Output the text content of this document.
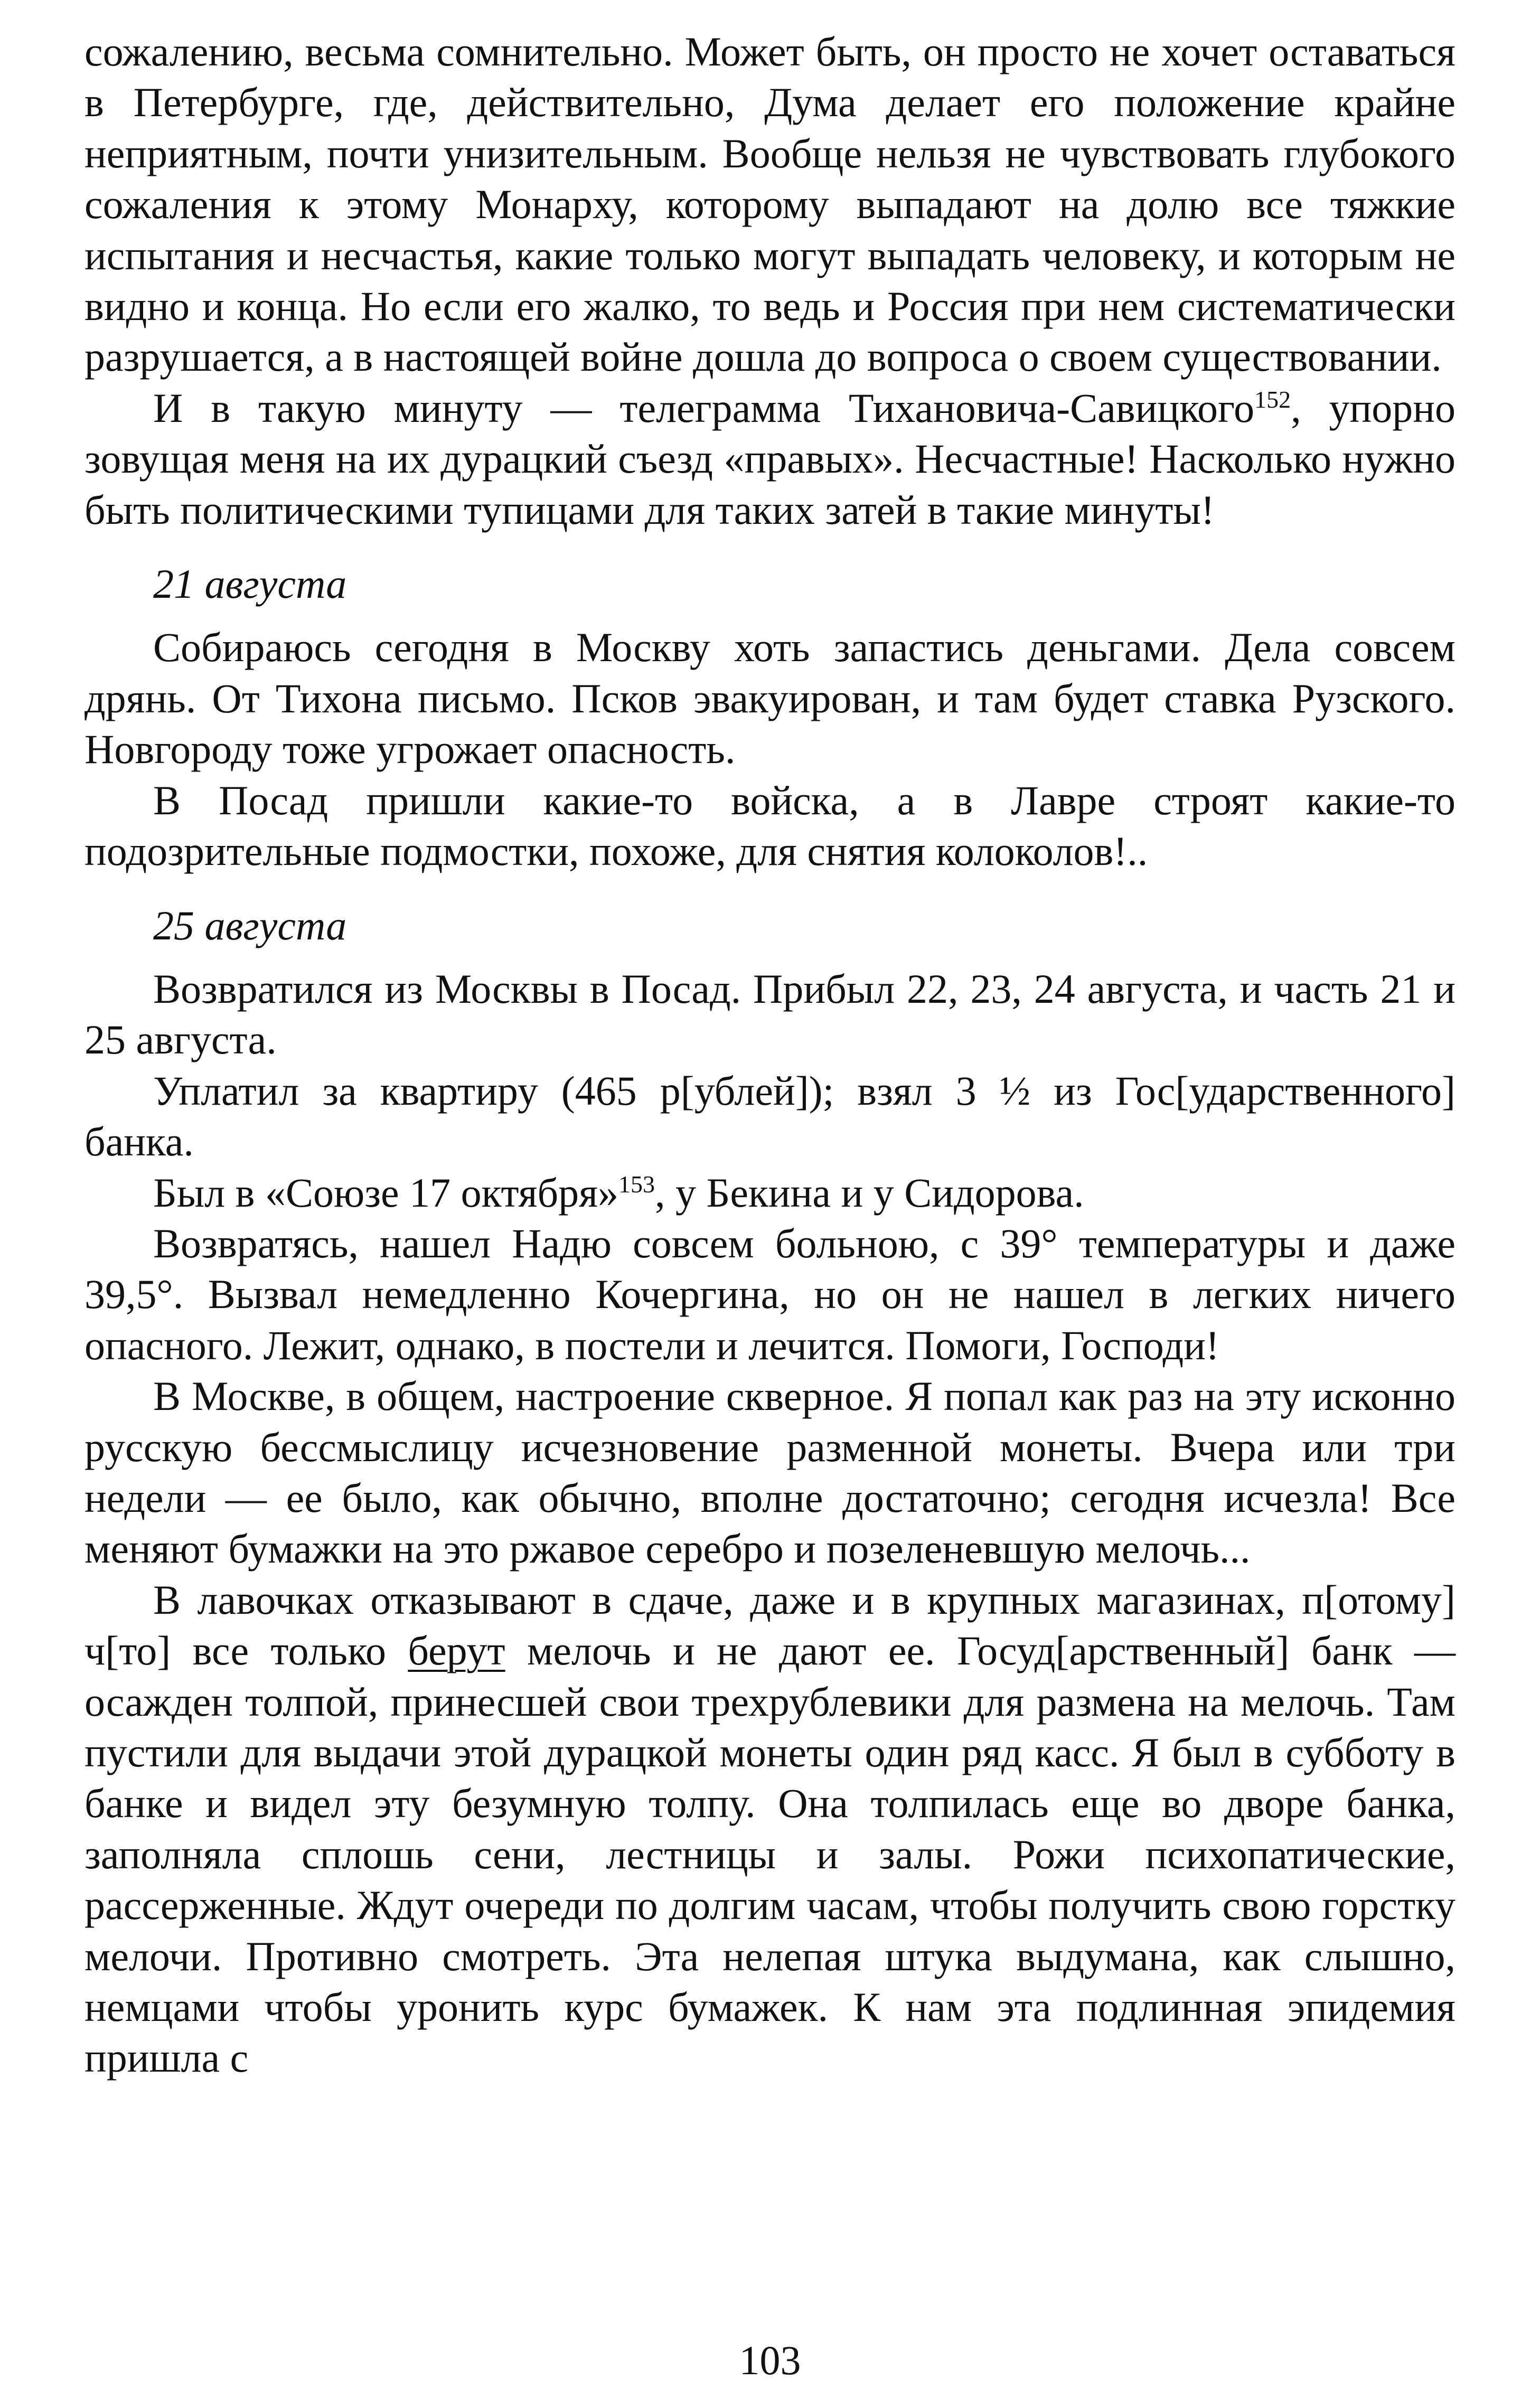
сожалению, весьма сомнительно. Может быть, он просто не хочет оставаться в Петербурге, где, действительно, Дума делает его положение крайне неприятным, почти унизительным. Вообще нельзя не чувствовать глубокого сожаления к этому Монарху, которому выпадают на долю все тяжкие испытания и несчастья, какие только могут выпадать человеку, и которым не видно и конца. Но если его жалко, то ведь и Россия при нем систематически разрушается, а в настоящей войне дошла до вопроса о своем существовании.

И в такую минуту — телеграмма Тихановича-Савицкого$^{152}$, упорно зовущая меня на их дурацкий съезд «правых». Несчастные! Насколько нужно быть политическими тупицами для таких затей в такие минуты!

21 августа

Собираюсь сегодня в Москву хоть запастись деньгами. Дела совсем дрянь. От Тихона письмо. Псков эвакуирован, и там будет ставка Рузского. Новгороду тоже угрожает опасность.

В Посад пришли какие-то войска, а в Лавре строят какие-то подозрительные подмостки, похоже, для снятия колоколов!..

25 августа

Возвратился из Москвы в Посад. Прибыл 22, 23, 24 августа, и часть 21 и 25 августа.

Уплатил за квартиру (465 р[ублей]); взял 3 ½ из Гос[ударственного] банка.

Был в «Союзе 17 октября»$^{153}$, у Бекина и у Сидорова.

Возвратясь, нашел Надю совсем больною, с 39° температуры и даже 39,5°. Вызвал немедленно Кочергина, но он не нашел в легких ничего опасного. Лежит, однако, в постели и лечится. Помоги, Господи!

В Москве, в общем, настроение скверное. Я попал как раз на эту исконно русскую бессмыслицу исчезновение разменной монеты. Вчера или три недели — ее было, как обычно, вполне достаточно; сегодня исчезла! Все меняют бумажки на это ржавое серебро и позеленевшую мелочь...

В лавочках отказывают в сдаче, даже и в крупных магазинах, п[отому] ч[то] все только берут мелочь и не дают ее. Госуд[арственный] банк — осажден толпой, принесшей свои трехрублевики для размена на мелочь. Там пустили для выдачи этой дурацкой монеты один ряд касс. Я был в субботу в банке и видел эту безумную толпу. Она толпилась еще во дворе банка, заполняла сплошь сени, лестницы и залы. Рожи психопатические, рассерженные. Ждут очереди по долгим часам, чтобы получить свою горстку мелочи. Противно смотреть. Эта нелепая штука выдумана, как слышно, немцами чтобы уронить курс бумажек. К нам эта подлинная эпидемия пришла с

103
